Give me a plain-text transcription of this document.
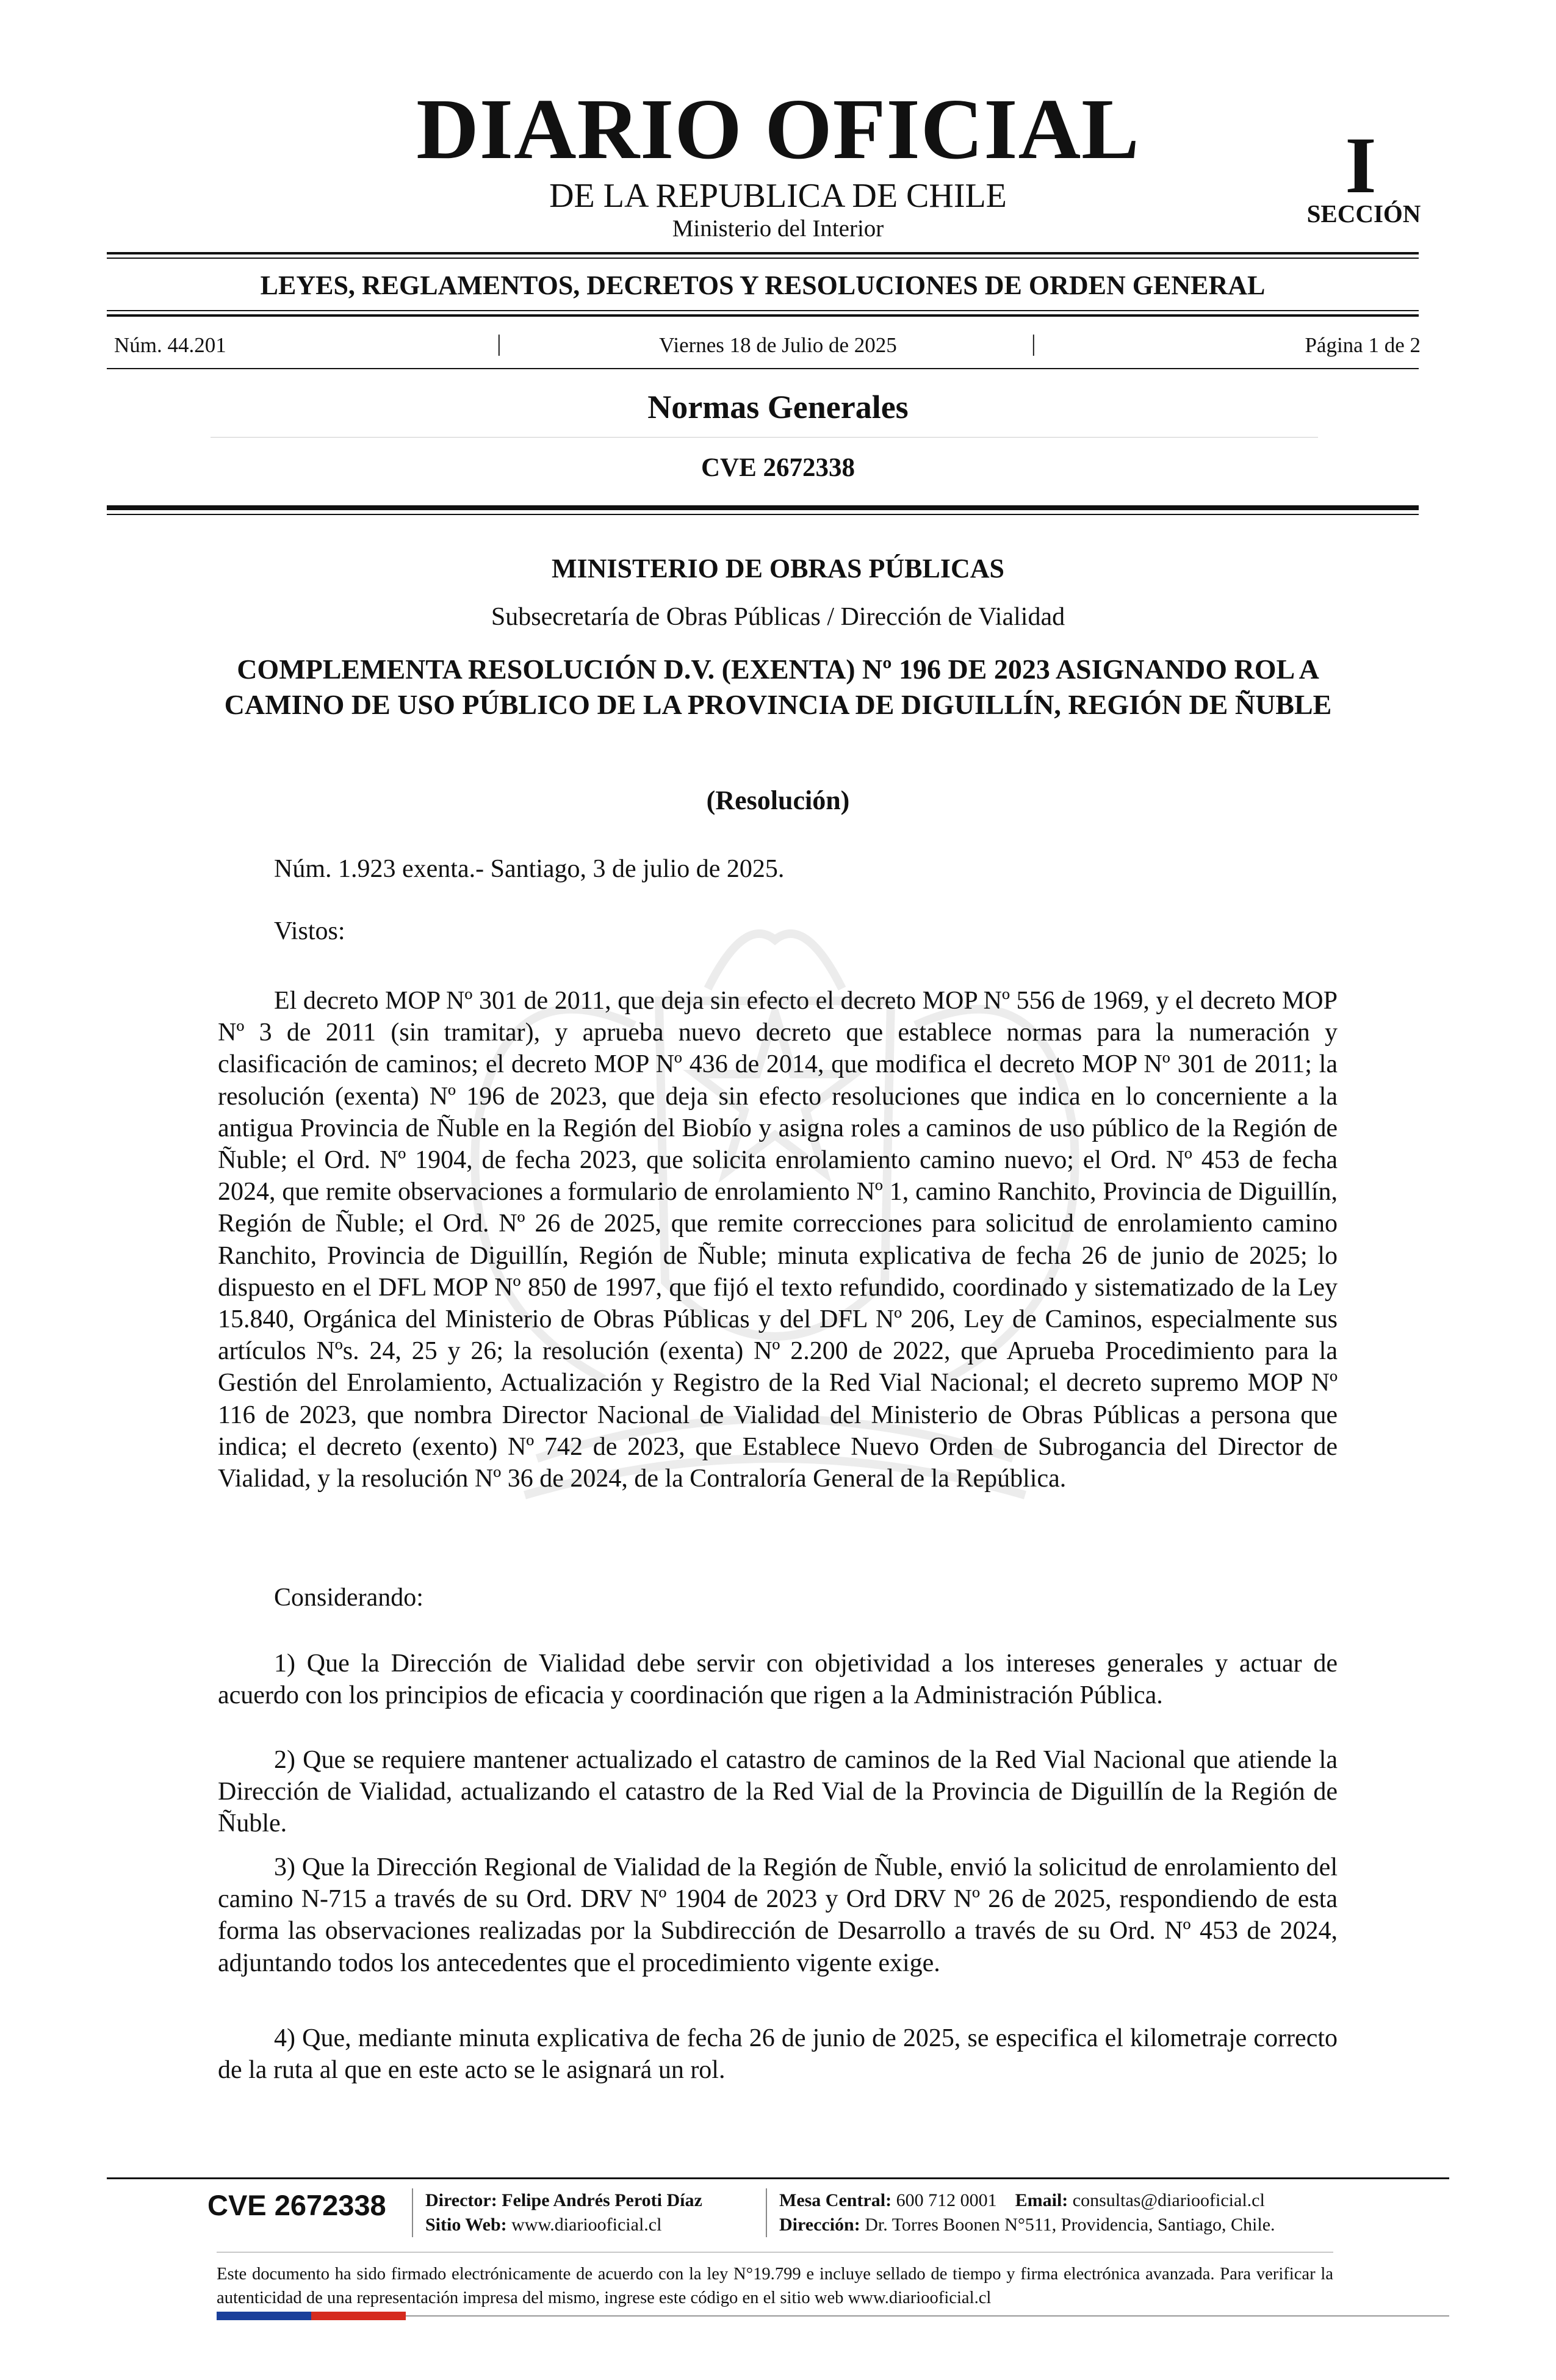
DIARIO OFICIAL
DE LA REPUBLICA DE CHILE
Ministerio del Interior
I
SECCIÓN
LEYES, REGLAMENTOS, DECRETOS Y RESOLUCIONES DE ORDEN GENERAL
Núm. 44.201	|	Viernes 18 de Julio de 2025	|	Página 1 de 2
Normas Generales
CVE 2672338
MINISTERIO DE OBRAS PÚBLICAS
Subsecretaría de Obras Públicas / Dirección de Vialidad
COMPLEMENTA RESOLUCIÓN D.V. (EXENTA) Nº 196 DE 2023 ASIGNANDO ROL A CAMINO DE USO PÚBLICO DE LA PROVINCIA DE DIGUILLÍN, REGIÓN DE ÑUBLE
(Resolución)

Núm. 1.923 exenta.- Santiago, 3 de julio de 2025.

Vistos:

El decreto MOP Nº 301 de 2011, que deja sin efecto el decreto MOP Nº 556 de 1969, y el decreto MOP Nº 3 de 2011 (sin tramitar), y aprueba nuevo decreto que establece normas para la numeración y clasificación de caminos; el decreto MOP Nº 436 de 2014, que modifica el decreto MOP Nº 301 de 2011; la resolución (exenta) Nº 196 de 2023, que deja sin efecto resoluciones que indica en lo concerniente a la antigua Provincia de Ñuble en la Región del Biobío y asigna roles a caminos de uso público de la Región de Ñuble; el Ord. Nº 1904, de fecha 2023, que solicita enrolamiento camino nuevo; el Ord. Nº 453 de fecha 2024, que remite observaciones a formulario de enrolamiento Nº 1, camino Ranchito, Provincia de Diguillín, Región de Ñuble; el Ord. Nº 26 de 2025, que remite correcciones para solicitud de enrolamiento camino Ranchito, Provincia de Diguillín, Región de Ñuble; minuta explicativa de fecha 26 de junio de 2025; lo dispuesto en el DFL MOP Nº 850 de 1997, que fijó el texto refundido, coordinado y sistematizado de la Ley 15.840, Orgánica del Ministerio de Obras Públicas y del DFL Nº 206, Ley de Caminos, especialmente sus artículos Nºs. 24, 25 y 26; la resolución (exenta) Nº 2.200 de 2022, que Aprueba Procedimiento para la Gestión del Enrolamiento, Actualización y Registro de la Red Vial Nacional; el decreto supremo MOP Nº 116 de 2023, que nombra Director Nacional de Vialidad del Ministerio de Obras Públicas a persona que indica; el decreto (exento) Nº 742 de 2023, que Establece Nuevo Orden de Subrogancia del Director de Vialidad, y la resolución Nº 36 de 2024, de la Contraloría General de la República.

Considerando:

1) Que la Dirección de Vialidad debe servir con objetividad a los intereses generales y actuar de acuerdo con los principios de eficacia y coordinación que rigen a la Administración Pública.

2) Que se requiere mantener actualizado el catastro de caminos de la Red Vial Nacional que atiende la Dirección de Vialidad, actualizando el catastro de la Red Vial de la Provincia de Diguillín de la Región de Ñuble.

3) Que la Dirección Regional de Vialidad de la Región de Ñuble, envió la solicitud de enrolamiento del camino N-715 a través de su Ord. DRV Nº 1904 de 2023 y Ord DRV Nº 26 de 2025, respondiendo de esta forma las observaciones realizadas por la Subdirección de Desarrollo a través de su Ord. Nº 453 de 2024, adjuntando todos los antecedentes que el procedimiento vigente exige.

4) Que, mediante minuta explicativa de fecha 26 de junio de 2025, se especifica el kilometraje correcto de la ruta al que en este acto se le asignará un rol.

CVE 2672338 Director: Felipe Andrés Peroti Díaz
Sitio Web: www.diariooficial.cl
Mesa Central: 600 712 0001 Email: consultas@diariooficial.cl
Dirección: Dr. Torres Boonen N°511, Providencia, Santiago, Chile.

Este documento ha sido firmado electrónicamente de acuerdo con la ley N°19.799 e incluye sellado de tiempo y firma electrónica avanzada. Para verificar la autenticidad de una representación impresa del mismo, ingrese este código en el sitio web www.diariooficial.cl
